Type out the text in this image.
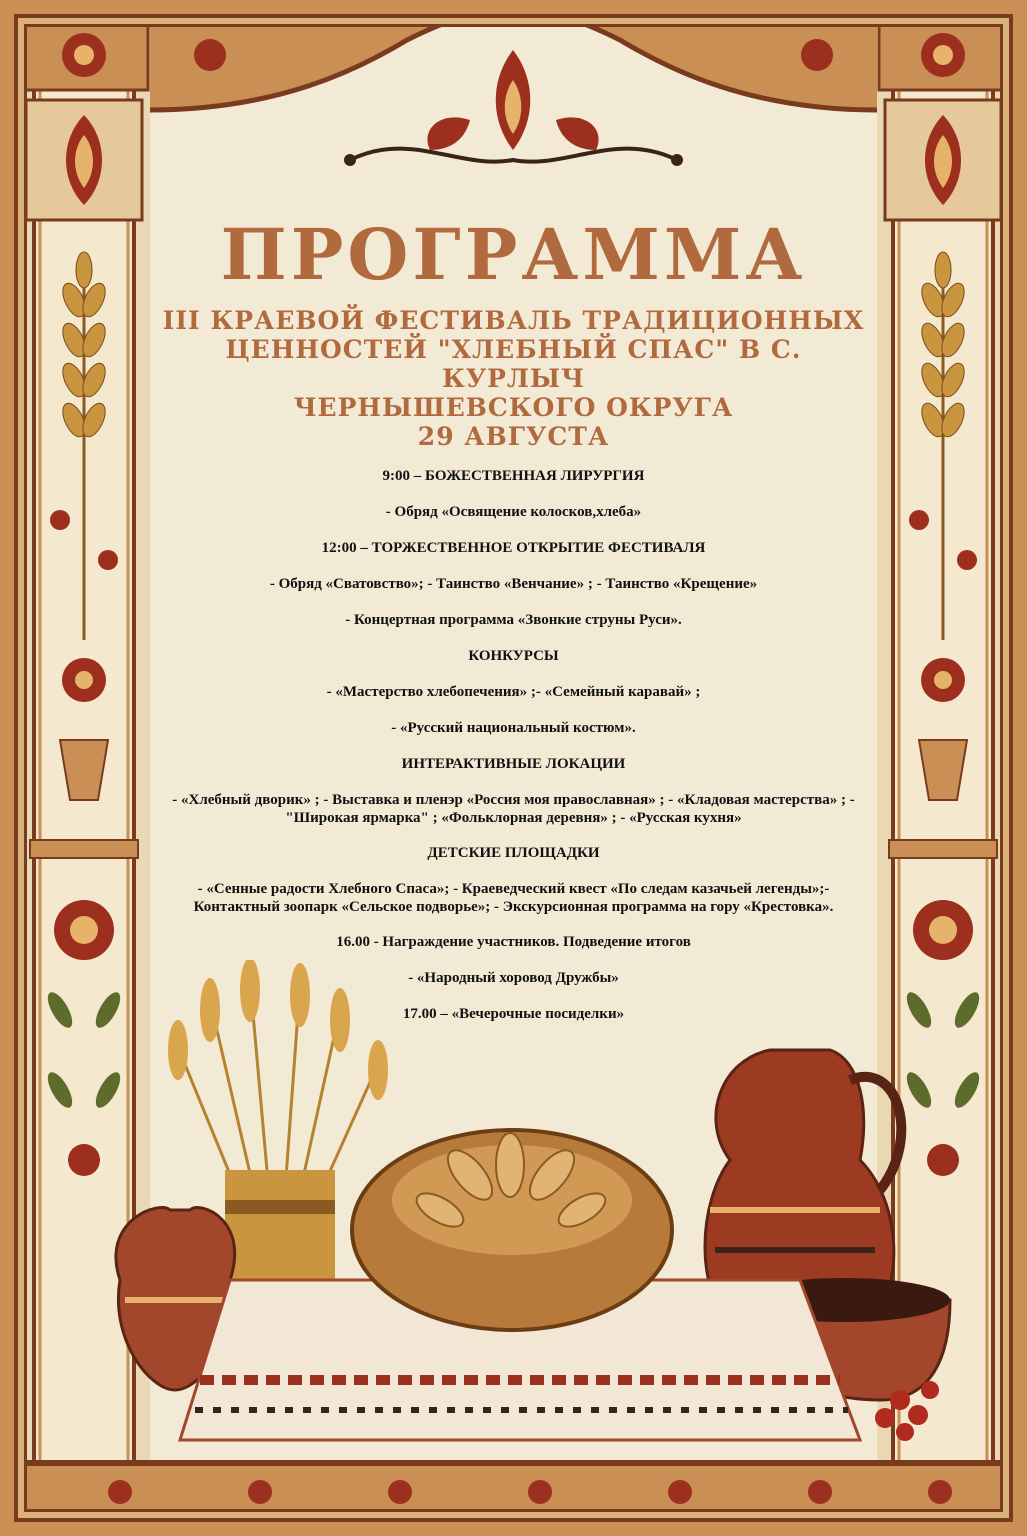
ПРОГРАММА
III КРАЕВОЙ ФЕСТИВАЛЬ ТРАДИЦИОННЫХ
ЦЕННОСТЕЙ "ХЛЕБНЫЙ СПАС" В С. КУРЛЫЧ
ЧЕРНЫШЕВСКОГО ОКРУГА
29 АВГУСТА
9:00 – БОЖЕСТВЕННАЯ ЛИРУРГИЯ
- Обряд «Освящение колосков,хлеба»
12:00 – ТОРЖЕСТВЕННОЕ ОТКРЫТИЕ ФЕСТИВАЛЯ
- Обряд «Сватовство»; - Таинство «Венчание» ; - Таинство «Крещение»
- Концертная программа «Звонкие струны Руси».
КОНКУРСЫ
- «Мастерство хлебопечения» ;- «Семейный каравай» ;
- «Русский национальный костюм».
ИНТЕРАКТИВНЫЕ ЛОКАЦИИ
- «Хлебный дворик» ; - Выставка и пленэр «Россия моя православная» ; - «Кладовая мастерства» ; - "Широкая ярмарка" ; «Фольклорная деревня» ; - «Русская кухня»
ДЕТСКИЕ ПЛОЩАДКИ
- «Сенные радости Хлебного Спаса»; - Краеведческий квест «По следам казачьей легенды»;- Контактный зоопарк «Сельское подворье»; - Экскурсионная программа на гору «Крестовка».
16.00 - Награждение участников. Подведение итогов
- «Народный хоровод Дружбы»
17.00 – «Вечерочные посиделки»
